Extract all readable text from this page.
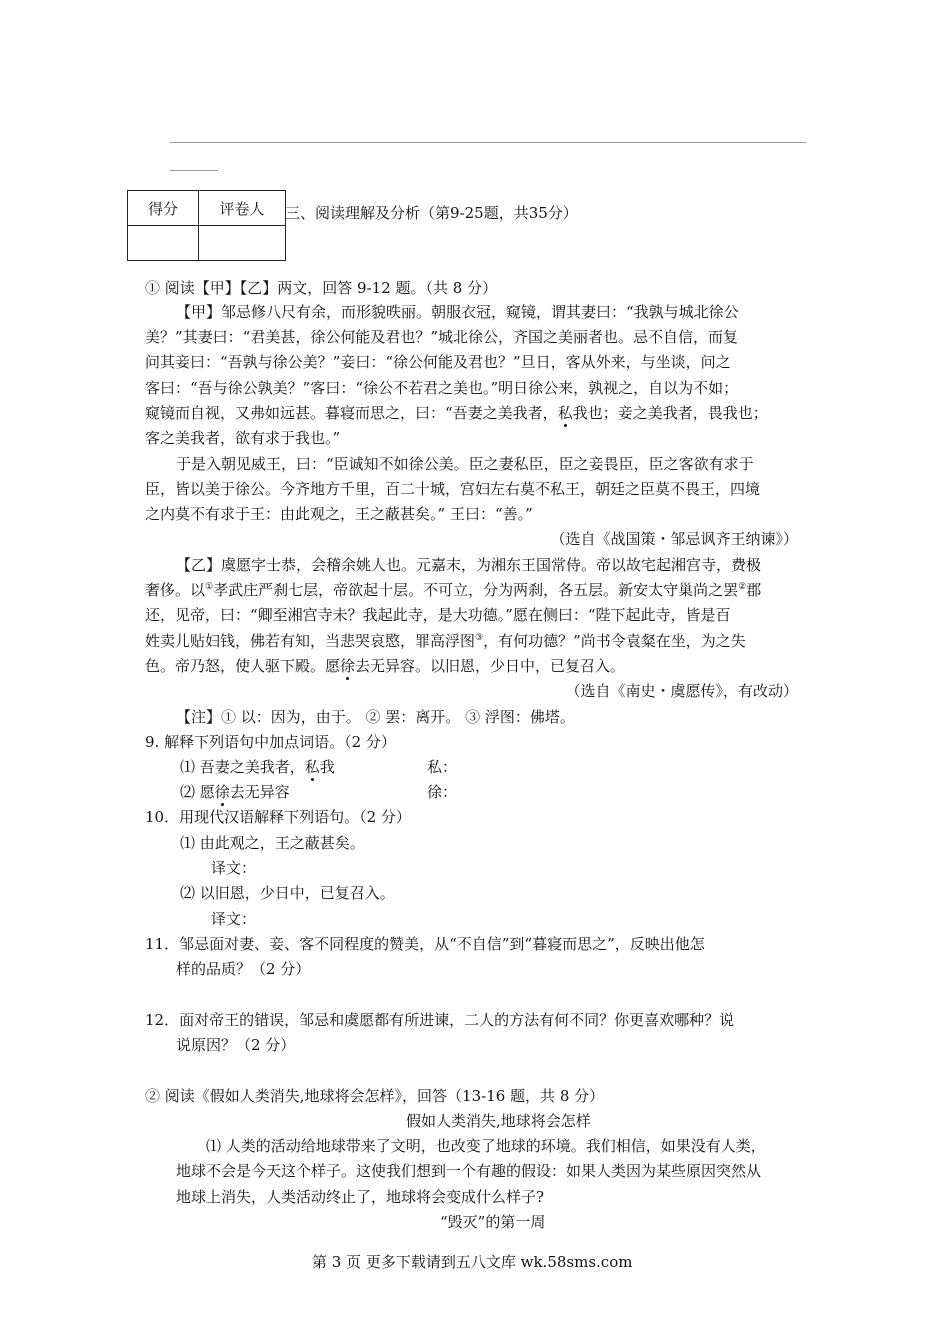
得分	评卷人
	三、阅读理解及分析（第9-25题，共35分）
① 阅读【甲】【乙】两文，回答 9-12 题。（共 8 分）
【甲】邹忌修八尺有余，而形貌昳丽。朝服衣冠，窥镜，谓其妻曰：“我孰与城北徐公
美？”其妻曰：“君美甚，徐公何能及君也？”城北徐公，齐国之美丽者也。忌不自信，而复
问其妾曰：“吾孰与徐公美？”妾曰：“徐公何能及君也？”旦日，客从外来，与坐谈，问之
客曰：“吾与徐公孰美？”客曰：“徐公不若君之美也。”明日徐公来，孰视之，自以为不如；
窥镜而自视，又弗如远甚。暮寝而思之，曰：“吾妻之美我者，私我也；妾之美我者，畏我也；
客之美我者，欲有求于我也。”
于是入朝见威王，曰：“臣诚知不如徐公美。臣之妻私臣，臣之妾畏臣，臣之客欲有求于
臣，皆以美于徐公。今齐地方千里，百二十城，宫妇左右莫不私王，朝廷之臣莫不畏王，四境
之内莫不有求于王：由此观之，王之蔽甚矣。” 王曰：“善。”
（选自《战国策・邹忌讽齐王纳谏》）
【乙】虞愿字士恭，会稽余姚人也。元嘉末，为湘东王国常侍。帝以故宅起湘宫寺，费极
奢侈。以①孝武庄严刹七层，帝欲起十层。不可立，分为两刹，各五层。新安太守巢尚之罢②郡
还，见帝，曰：“卿至湘宫寺未？我起此寺，是大功德。”愿在侧曰：“陛下起此寺，皆是百
姓卖儿贴妇钱，佛若有知，当悲哭哀愍，罪高浮图③，有何功德？”尚书令袁粲在坐，为之失
色。帝乃怒，使人驱下殿。愿徐去无异容。以旧恩，少日中，已复召入。
（选自《南史・虞愿传》，有改动）
【注】① 以：因为，由于。 ② 罢：离开。 ③ 浮图：佛塔。
9. 解释下列语句中加点词语。（2 分）
⑴ 吾妻之美我者，私我	私：
⑵ 愿徐去无异容	徐：
10．用现代汉语解释下列语句。（2 分）
⑴ 由此观之，王之蔽甚矣。
译文：
⑵ 以旧恩，少日中，已复召入。
译文：
11．邹忌面对妻、妾、客不同程度的赞美，从“不自信”到“暮寝而思之”，反映出他怎
样的品质？（2 分）
12．面对帝王的错误，邹忌和虞愿都有所进谏，二人的方法有何不同？你更喜欢哪种？说
说原因？（2 分）
② 阅读《假如人类消失,地球将会怎样》，回答（13-16 题，共 8 分）
假如人类消失,地球将会怎样
⑴ 人类的活动给地球带来了文明，也改变了地球的环境。我们相信，如果没有人类，
地球不会是今天这个样子。这使我们想到一个有趣的假设：如果人类因为某些原因突然从
地球上消失，人类活动终止了，地球将会变成什么样子?
“毁灭”的第一周
第 3 页 更多下载请到五八文库 wk.58sms.com
